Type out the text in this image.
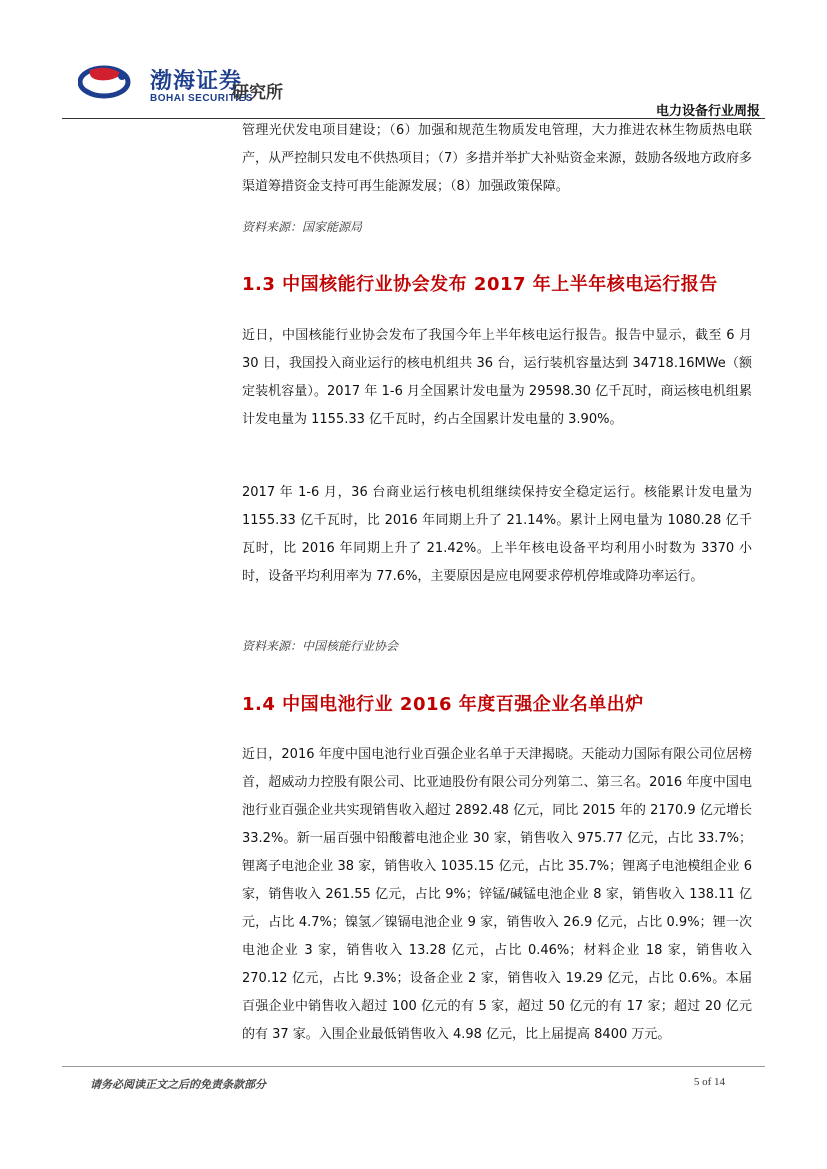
渤海证券
BOHAI SECURITIES
研究所
电力设备行业周报

管理光伏发电项目建设；（6）加强和规范生物质发电管理，大力推进农林生物质热电联产，从严控制只发电不供热项目；（7）多措并举扩大补贴资金来源，鼓励各级地方政府多渠道筹措资金支持可再生能源发展；（8）加强政策保障。

资料来源：国家能源局

1.3 中国核能行业协会发布 2017 年上半年核电运行报告

近日，中国核能行业协会发布了我国今年上半年核电运行报告。报告中显示，截至 6 月 30 日，我国投入商业运行的核电机组共 36 台，运行装机容量达到 34718.16MWe（额定装机容量）。2017 年 1-6 月全国累计发电量为 29598.30 亿千瓦时，商运核电机组累计发电量为 1155.33 亿千瓦时，约占全国累计发电量的 3.90%。

2017 年 1-6 月，36 台商业运行核电机组继续保持安全稳定运行。核能累计发电量为 1155.33 亿千瓦时，比 2016 年同期上升了 21.14%。累计上网电量为 1080.28 亿千瓦时，比 2016 年同期上升了 21.42%。上半年核电设备平均利用小时数为 3370 小时，设备平均利用率为 77.6%，主要原因是应电网要求停机停堆或降功率运行。

资料来源：中国核能行业协会

1.4 中国电池行业 2016 年度百强企业名单出炉

近日，2016 年度中国电池行业百强企业名单于天津揭晓。天能动力国际有限公司位居榜首，超威动力控股有限公司、比亚迪股份有限公司分列第二、第三名。2016 年度中国电池行业百强企业共实现销售收入超过 2892.48 亿元，同比 2015 年的 2170.9 亿元增长 33.2%。新一届百强中铅酸蓄电池企业 30 家，销售收入 975.77 亿元，占比 33.7%；锂离子电池企业 38 家，销售收入 1035.15 亿元，占比 35.7%；锂离子电池模组企业 6 家，销售收入 261.55 亿元，占比 9%；锌锰/碱锰电池企业 8 家，销售收入 138.11 亿元，占比 4.7%；镍氢／镍镉电池企业 9 家，销售收入 26.9 亿元，占比 0.9%；锂一次电池企业 3 家，销售收入 13.28 亿元，占比 0.46%；材料企业 18 家，销售收入 270.12 亿元，占比 9.3%；设备企业 2 家，销售收入 19.29 亿元，占比 0.6%。本届百强企业中销售收入超过 100 亿元的有 5 家，超过 50 亿元的有 17 家；超过 20 亿元的有 37 家。入围企业最低销售收入 4.98 亿元，比上届提高 8400 万元。

请务必阅读正文之后的免责条款部分	5 of 14
